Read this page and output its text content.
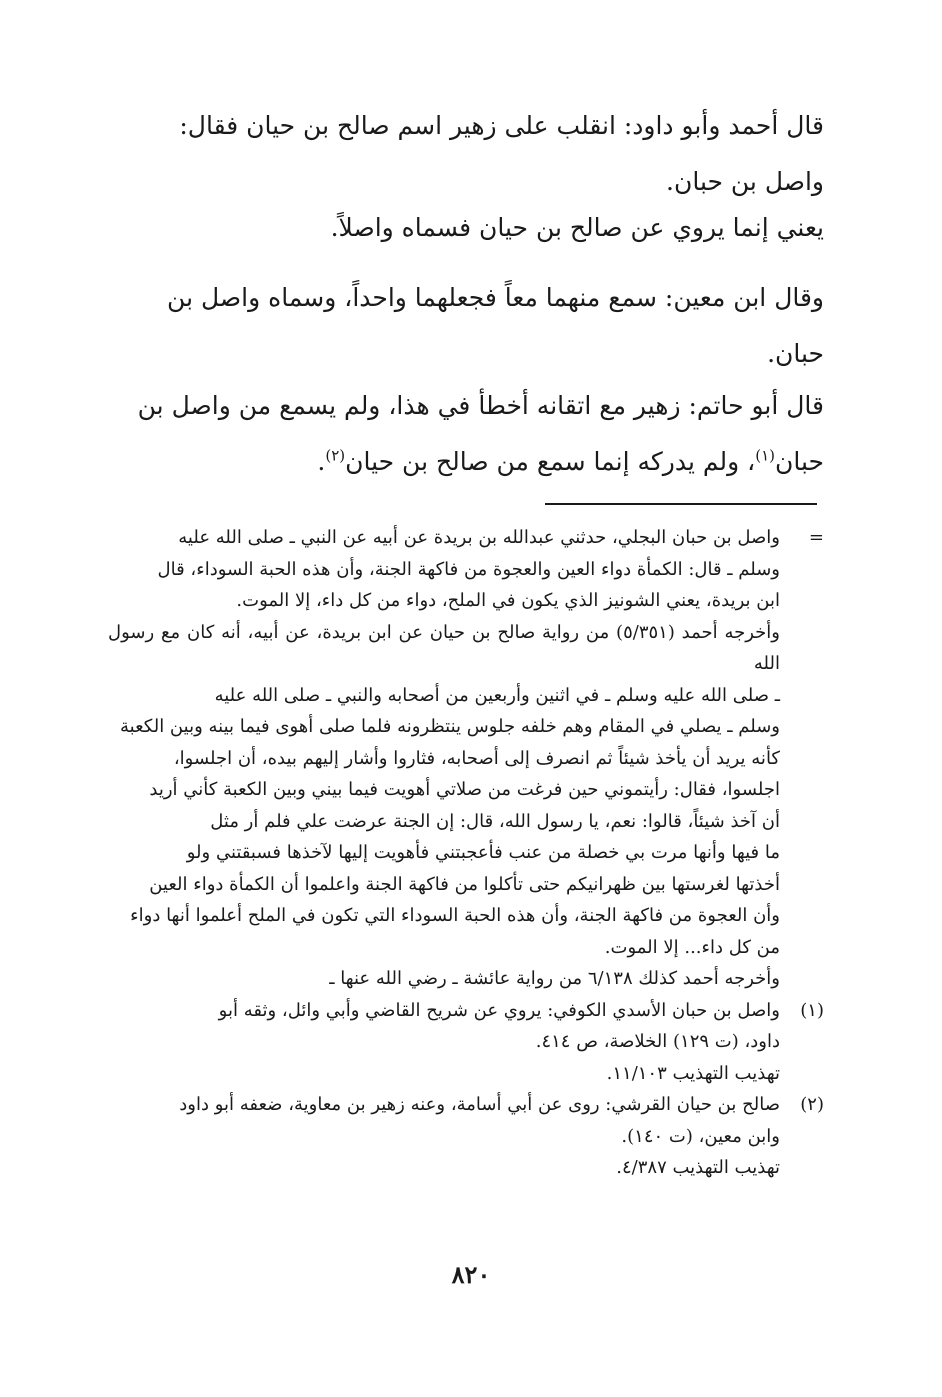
قال أحمد وأبو داود: انقلب على زهير اسم صالح بن حيان فقال:

واصل بن حبان.

يعني إنما يروي عن صالح بن حيان فسماه واصلاً.

وقال ابن معين: سمع منهما معاً فجعلهما واحداً، وسماه واصل بن

حبان.

قال أبو حاتم: زهير مع اتقانه أخطأ في هذا، ولم يسمع من واصل بن

حبان$^{(١)}$، ولم يدركه إنما سمع من صالح بن حيان$^{(٢)}$.

=
واصل بن حبان البجلي، حدثني عبدالله بن بريدة عن أبيه عن النبي ـ صلى الله عليه
وسلم ـ قال: الكمأة دواء العين والعجوة من فاكهة الجنة، وأن هذه الحبة السوداء، قال
ابن بريدة، يعني الشونيز الذي يكون في الملح، دواء من كل داء، إلا الموت.
وأخرجه أحمد (٥/٣٥١) من رواية صالح بن حيان عن ابن بريدة، عن أبيه، أنه كان مع رسول الله
ـ صلى الله عليه وسلم ـ في اثنين وأربعين من أصحابه والنبي ـ صلى الله عليه
وسلم ـ يصلي في المقام وهم خلفه جلوس ينتظرونه فلما صلى أهوى فيما بينه وبين الكعبة
كأنه يريد أن يأخذ شيئاً ثم انصرف إلى أصحابه، فثاروا وأشار إليهم بيده، أن اجلسوا،
اجلسوا، فقال: رأيتموني حين فرغت من صلاتي أهويت فيما بيني وبين الكعبة كأني أريد
أن آخذ شيئاً، قالوا: نعم، يا رسول الله، قال: إن الجنة عرضت علي فلم أر مثل
ما فيها وأنها مرت بي خصلة من عنب فأعجبتني فأهويت إليها لآخذها فسبقتني ولو
أخذتها لغرستها بين ظهرانيكم حتى تأكلوا من فاكهة الجنة واعلموا أن الكمأة دواء العين
وأن العجوة من فاكهة الجنة، وأن هذه الحبة السوداء التي تكون في الملح أعلموا أنها دواء
من كل داء... إلا الموت.
وأخرجه أحمد كذلك ٦/١٣٨ من رواية عائشة ـ رضي الله عنها ـ
(١)
واصل بن حبان الأسدي الكوفي: يروي عن شريح القاضي وأبي وائل، وثقه أبو
داود، (ت ١٢٩) الخلاصة، ص ٤١٤.
تهذيب التهذيب ١١/١٠٣.
(٢)
صالح بن حيان القرشي: روى عن أبي أسامة، وعنه زهير بن معاوية، ضعفه أبو داود
وابن معين، (ت ١٤٠).
تهذيب التهذيب ٤/٣٨٧.
٨٢٠
